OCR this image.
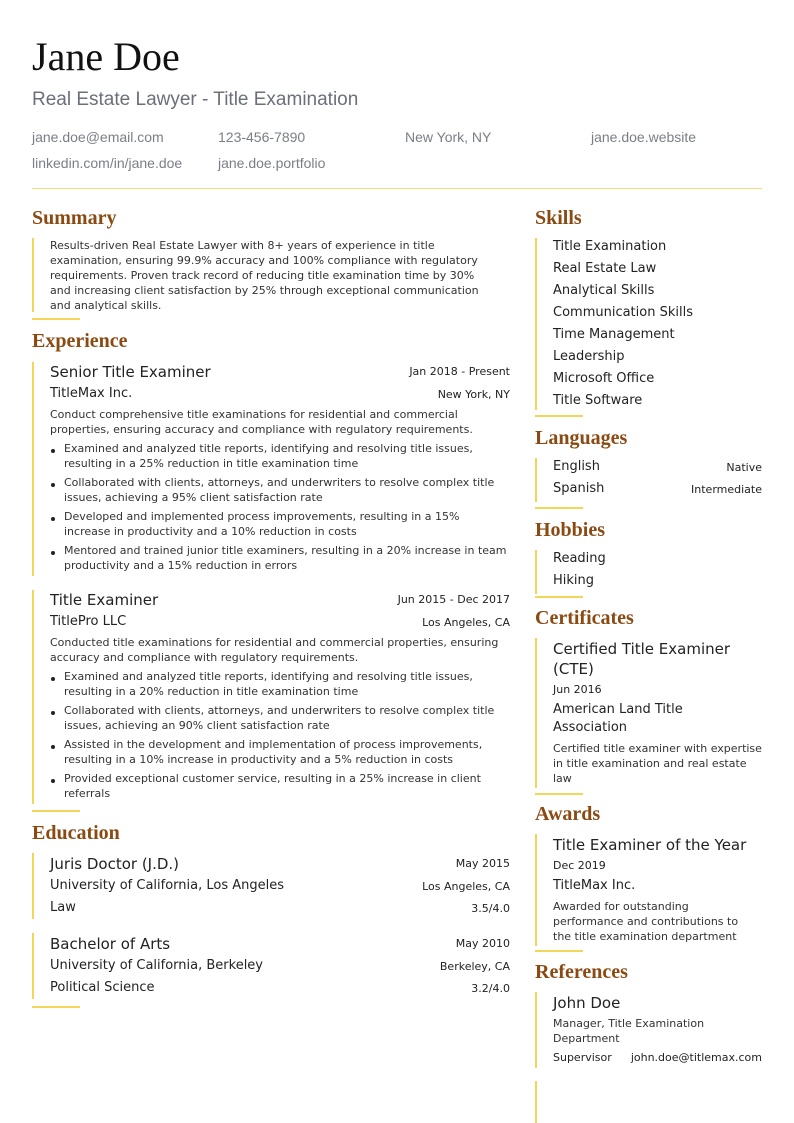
Jane Doe
Real Estate Lawyer - Title Examination
jane.doe@email.com	123-456-7890	New York, NY	jane.doe.website
linkedin.com/in/jane.doe	jane.doe.portfolio
Summary
Results-driven Real Estate Lawyer with 8+ years of experience in title
examination, ensuring 99.9% accuracy and 100% compliance with regulatory
requirements. Proven track record of reducing title examination time by 30%
and increasing client satisfaction by 25% through exceptional communication
and analytical skills.
Experience
Senior Title Examiner	Jan 2018 - Present
TitleMax Inc.	New York, NY
Conduct comprehensive title examinations for residential and commercial
properties, ensuring accuracy and compliance with regulatory requirements.
Examined and analyzed title reports, identifying and resolving title issues,
resulting in a 25% reduction in title examination time
Collaborated with clients, attorneys, and underwriters to resolve complex title
issues, achieving a 95% client satisfaction rate
Developed and implemented process improvements, resulting in a 15%
increase in productivity and a 10% reduction in costs
Mentored and trained junior title examiners, resulting in a 20% increase in team
productivity and a 15% reduction in errors
Title Examiner	Jun 2015 - Dec 2017
TitlePro LLC	Los Angeles, CA
Conducted title examinations for residential and commercial properties, ensuring
accuracy and compliance with regulatory requirements.
Examined and analyzed title reports, identifying and resolving title issues,
resulting in a 20% reduction in title examination time
Collaborated with clients, attorneys, and underwriters to resolve complex title
issues, achieving an 90% client satisfaction rate
Assisted in the development and implementation of process improvements,
resulting in a 10% increase in productivity and a 5% reduction in costs
Provided exceptional customer service, resulting in a 25% increase in client
referrals
Education
Juris Doctor (J.D.)	May 2015
University of California, Los Angeles	Los Angeles, CA
Law	3.5/4.0
Bachelor of Arts	May 2010
University of California, Berkeley	Berkeley, CA
Political Science	3.2/4.0
Skills
Title Examination
Real Estate Law
Analytical Skills
Communication Skills
Time Management
Leadership
Microsoft Office
Title Software
Languages
English	Native
Spanish	Intermediate
Hobbies
Reading
Hiking
Certificates
Certified Title Examiner
(CTE)
Jun 2016
American Land Title
Association
Certified title examiner with expertise
in title examination and real estate
law
Awards
Title Examiner of the Year
Dec 2019
TitleMax Inc.
Awarded for outstanding
performance and contributions to
the title examination department
References
John Doe
Manager, Title Examination
Department
Supervisor john.doe@titlemax.com
